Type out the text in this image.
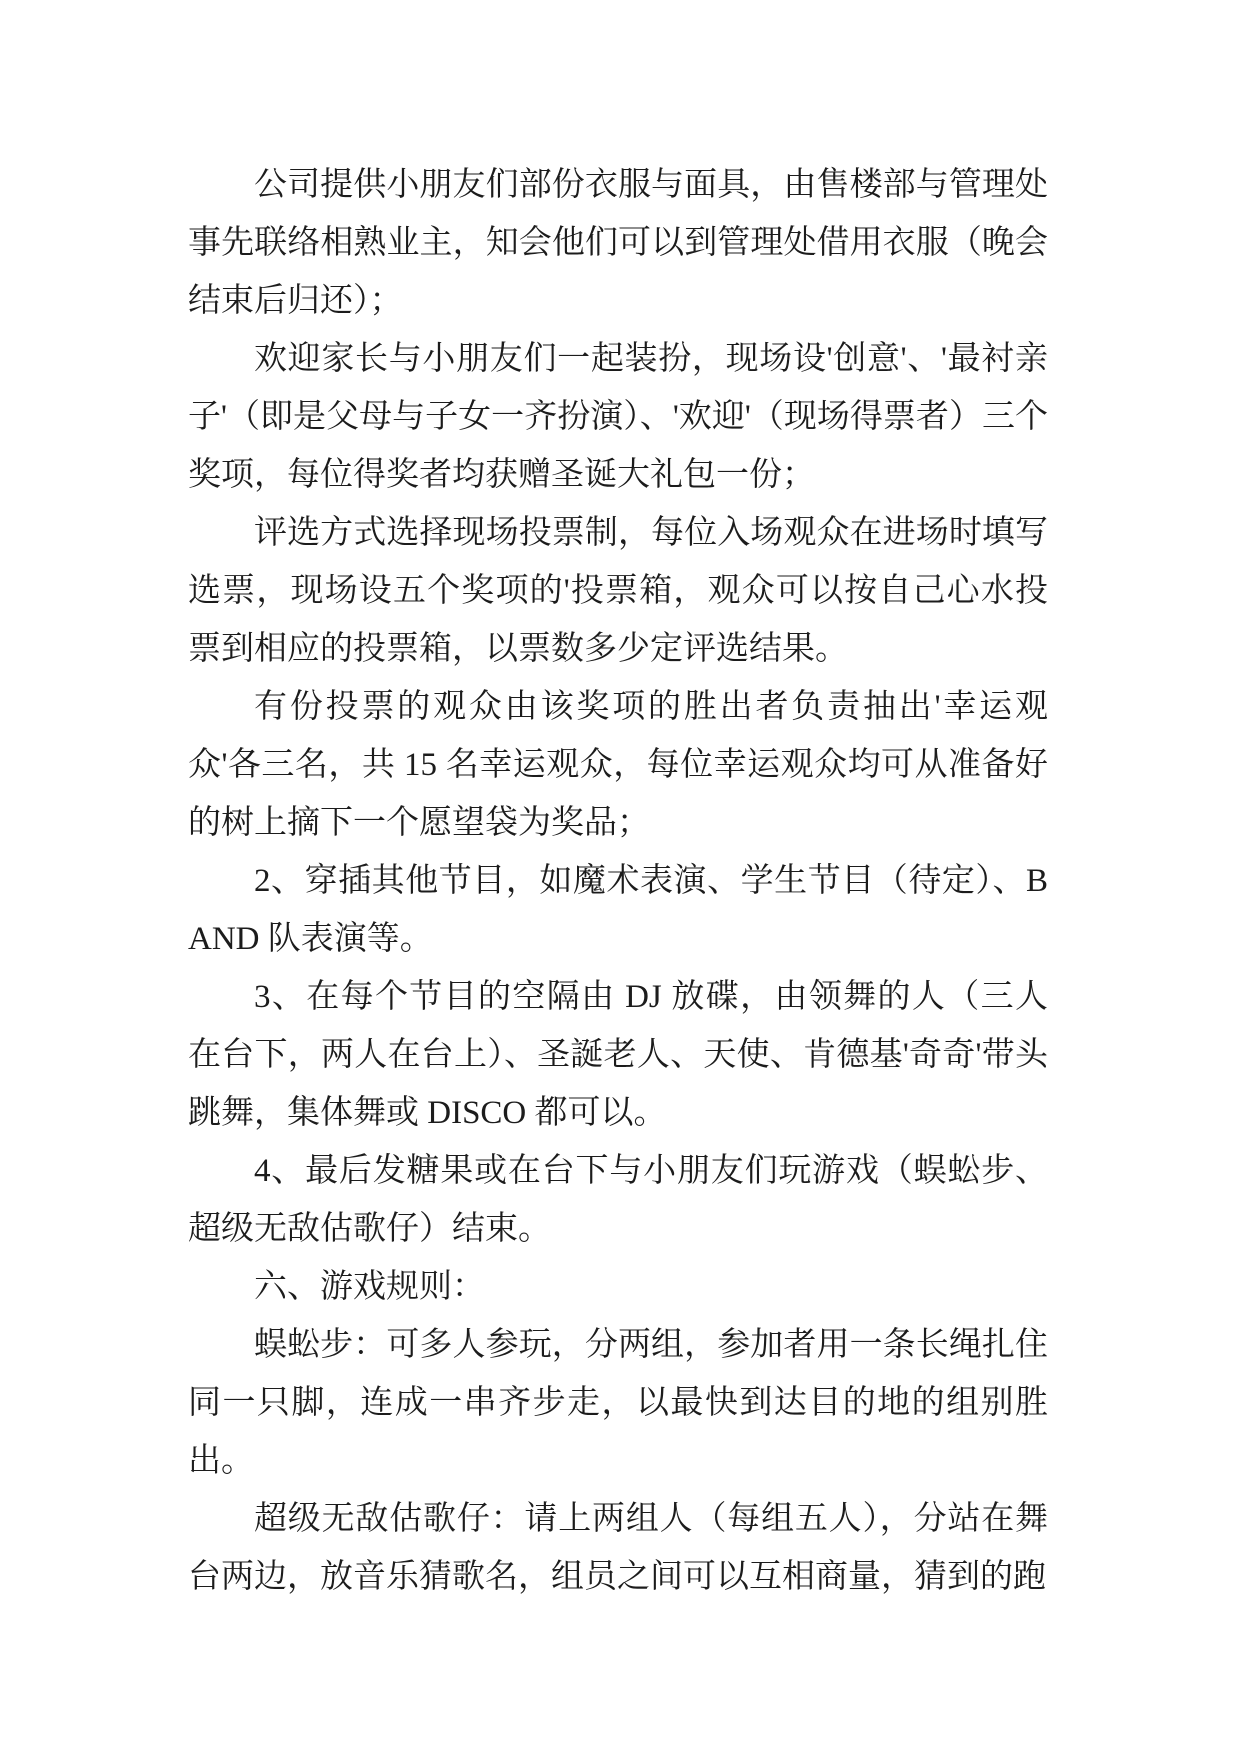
公司提供小朋友们部份衣服与面具，由售楼部与管理处事先联络相熟业主，知会他们可以到管理处借用衣服（晚会结束后归还）；

欢迎家长与小朋友们一起装扮，现场设'创意'、'最衬亲子'（即是父母与子女一齐扮演）、'欢迎'（现场得票者）三个奖项，每位得奖者均获赠圣诞大礼包一份；

评选方式选择现场投票制，每位入场观众在进场时填写选票，现场设五个奖项的'投票箱，观众可以按自己心水投票到相应的投票箱，以票数多少定评选结果。

有份投票的观众由该奖项的胜出者负责抽出'幸运观众'各三名，共 15 名幸运观众，每位幸运观众均可从准备好的树上摘下一个愿望袋为奖品；

2、穿插其他节目，如魔术表演、学生节目（待定）、BAND 队表演等。

3、在每个节目的空隔由 DJ 放碟，由领舞的人（三人在台下，两人在台上）、圣誕老人、天使、肯德基'奇奇'带头跳舞，集体舞或 DISCO 都可以。

4、最后发糖果或在台下与小朋友们玩游戏（蜈蚣步、超级无敌估歌仔）结束。

六、游戏规则：

蜈蚣步：可多人参玩，分两组，参加者用一条长绳扎住同一只脚，连成一串齐步走，以最快到达目的地的组别胜出。

超级无敌估歌仔：请上两组人（每组五人），分站在舞台两边，放音乐猜歌名，组员之间可以互相商量，猜到的跑
